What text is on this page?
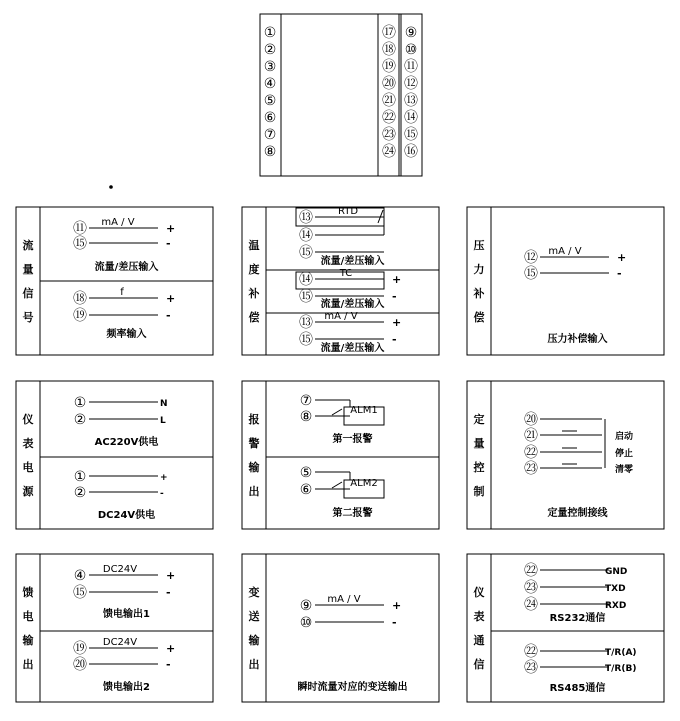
①
②
③
④
⑤
⑥
⑦
⑧
⑰
⑱
⑲
⑳
㉑
㉒
㉓
㉔
⑨
⑩
⑪
⑫
⑬
⑭
⑮
⑯
流
量
信
号
⑪ mA / V	+
⑮	-
流量/差压输入
⑱	f	+
⑲	-
频率输入
温
度
补
偿
⑬ RTD
⑭
⑮
流量/差压输入
⑭	TC	+
⑮	-
流量/差压输入
⑬ mA / V	+
⑮	-
流量/差压输入
压
力
补
偿
⑫ mA / V	+
⑮	-
压力补偿输入
仪
表
电
源
①	N
②	L
AC220V供电
①	+
②	-
DC24V供电
报
警
输
出
⑦
⑧	ALM1
第一报警
⑤
⑥	ALM2
第二报警
定
量
控
制
⑳
㉑	启动
㉒	停止
㉓	清零
定量控制接线
馈
电
输
出
④ DC24V	+
⑮	-
馈电输出1
⑲ DC24V	+
⑳	-
馈电输出2
变
送
输
出
⑨ mA / V	+
⑩	-
瞬时流量对应的变送输出
仪
表
通
信
㉒	GND
㉓	TXD
㉔	RXD
RS232通信
㉒	T/R(A)
㉓	T/R(B)
RS485通信
